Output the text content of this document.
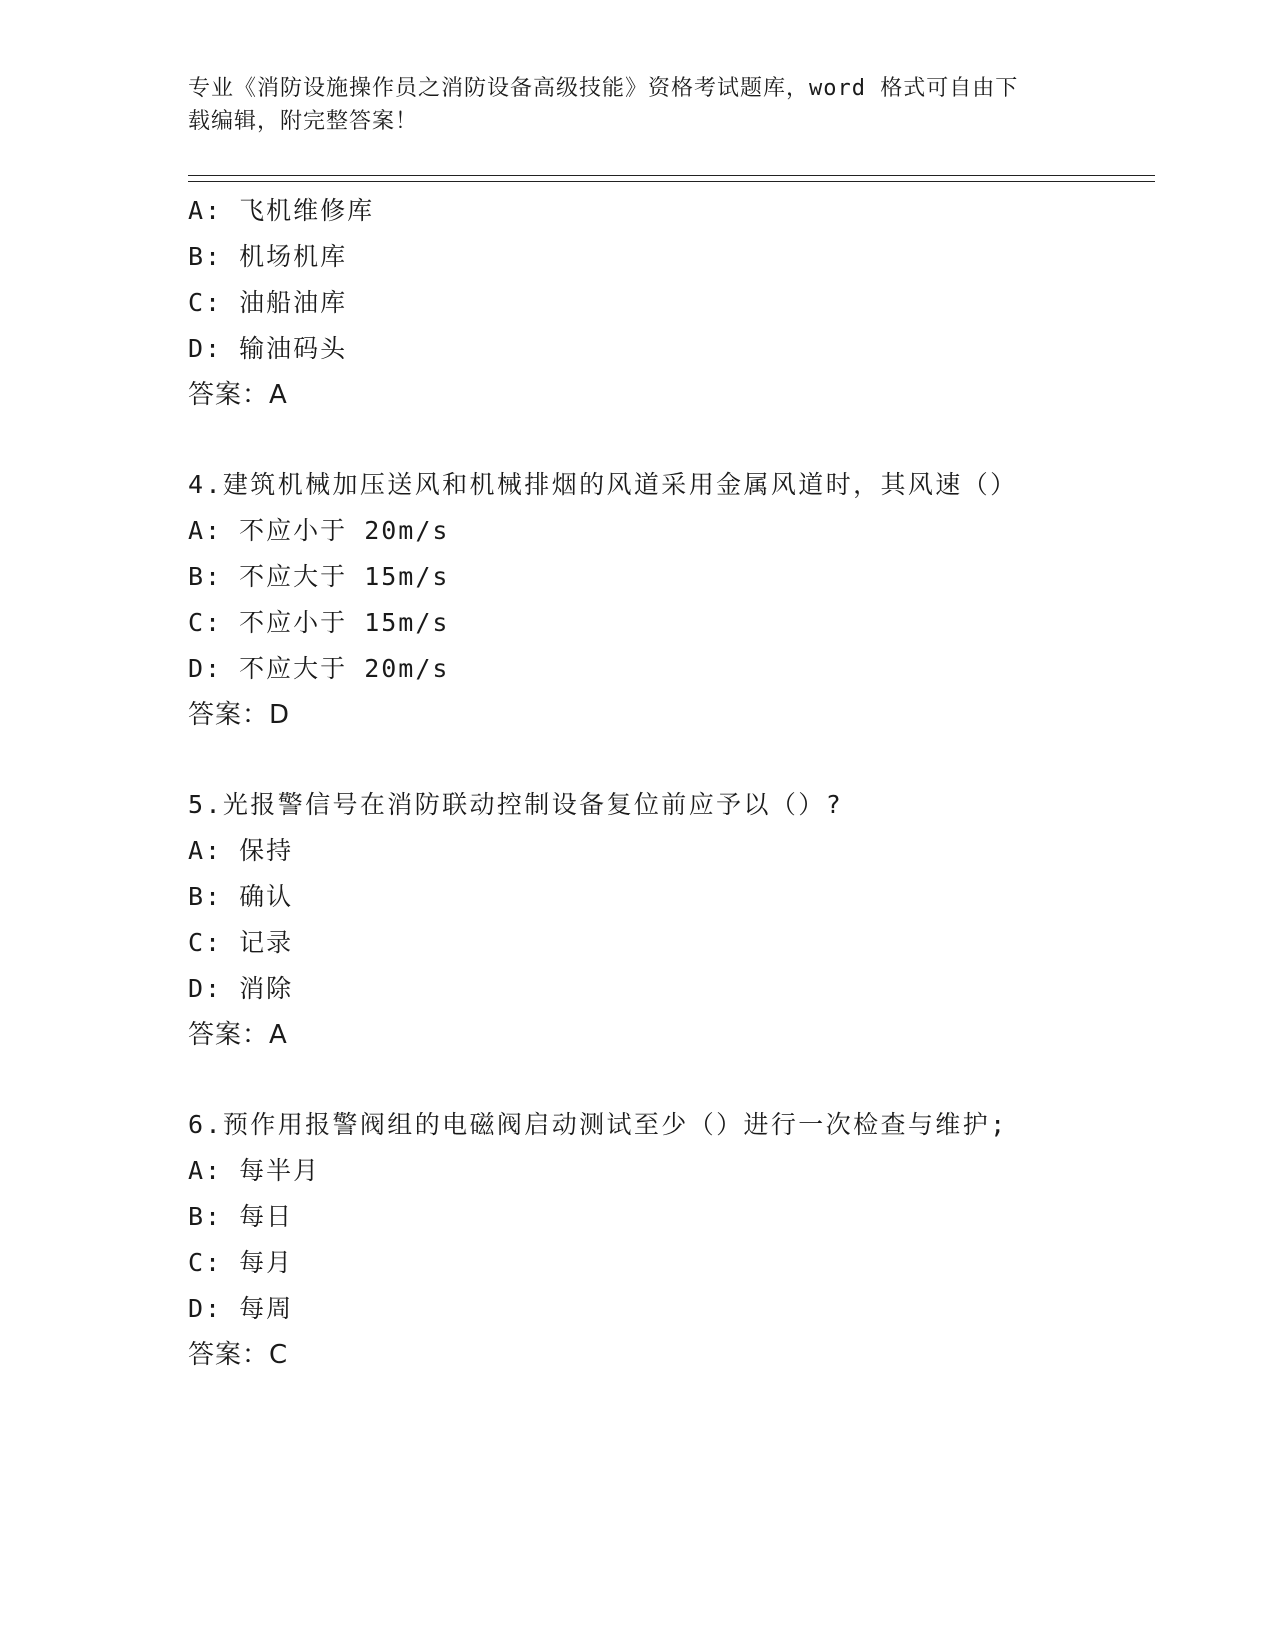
专业《消防设施操作员之消防设备高级技能》资格考试题库，word 格式可自由下
载编辑，附完整答案！
A: 飞机维修库
B: 机场机库
C: 油船油库
D: 输油码头
答案：A
4.建筑机械加压送风和机械排烟的风道采用金属风道时，其风速（）
A: 不应小于 20m/s
B: 不应大于 15m/s
C: 不应小于 15m/s
D: 不应大于 20m/s
答案：D
5.光报警信号在消防联动控制设备复位前应予以（）?
A: 保持
B: 确认
C: 记录
D: 消除
答案：A
6.预作用报警阀组的电磁阀启动测试至少（）进行一次检查与维护;
A: 每半月
B: 每日
C: 每月
D: 每周
答案：C
